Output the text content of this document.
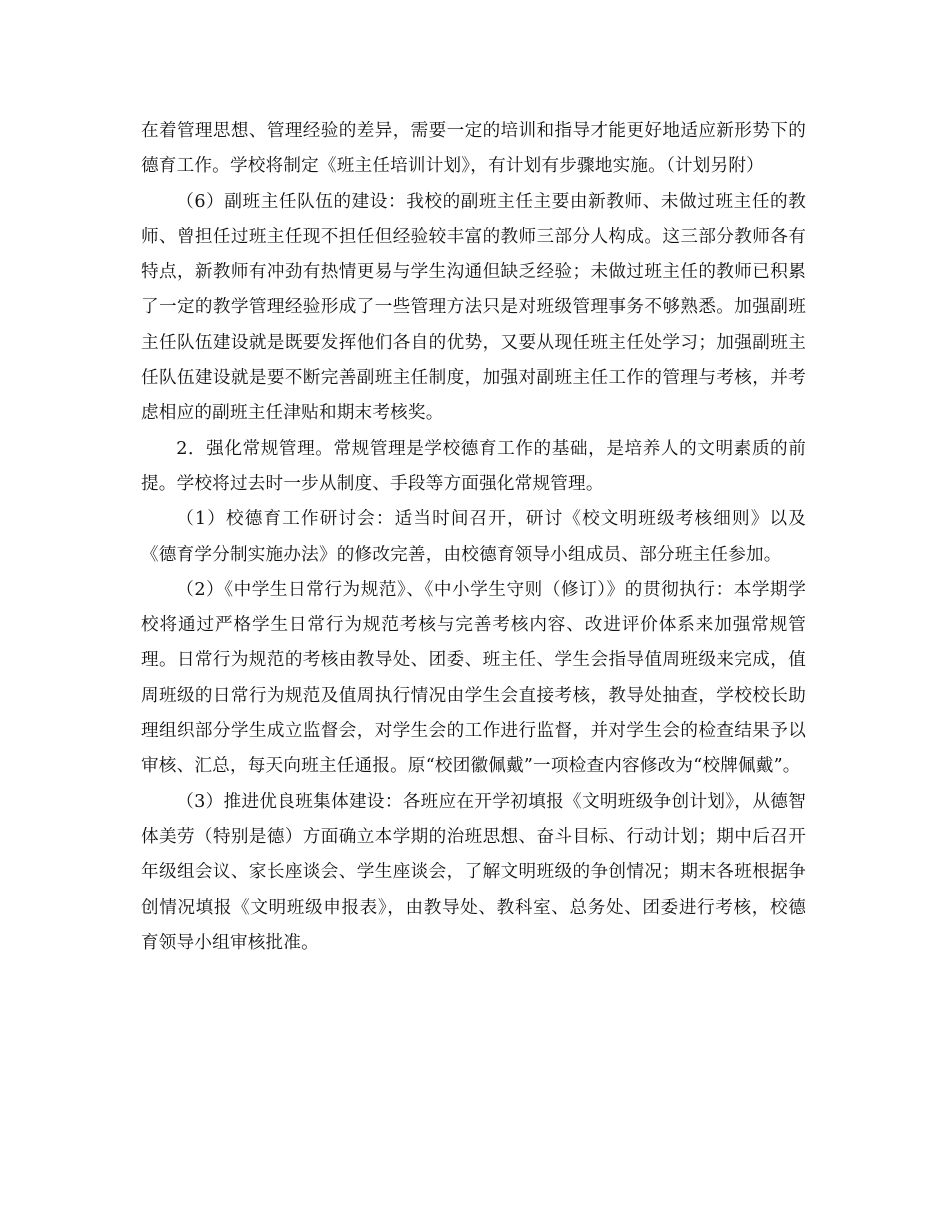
在着管理思想、管理经验的差异，需要一定的培训和指导才能更好地适应新形势下的德育工作。学校将制定《班主任培训计划》，有计划有步骤地实施。（计划另附）

（6）副班主任队伍的建设：我校的副班主任主要由新教师、未做过班主任的教师、曾担任过班主任现不担任但经验较丰富的教师三部分人构成。这三部分教师各有特点，新教师有冲劲有热情更易与学生沟通但缺乏经验；未做过班主任的教师已积累了一定的教学管理经验形成了一些管理方法只是对班级管理事务不够熟悉。加强副班主任队伍建设就是既要发挥他们各自的优势，又要从现任班主任处学习；加强副班主任队伍建设就是要不断完善副班主任制度，加强对副班主任工作的管理与考核，并考虑相应的副班主任津贴和期末考核奖。

2．强化常规管理。常规管理是学校德育工作的基础，是培养人的文明素质的前提。学校将过去时一步从制度、手段等方面强化常规管理。

（1）校德育工作研讨会：适当时间召开，研讨《校文明班级考核细则》以及《德育学分制实施办法》的修改完善，由校德育领导小组成员、部分班主任参加。

（2）《中学生日常行为规范》、《中小学生守则（修订）》的贯彻执行：本学期学校将通过严格学生日常行为规范考核与完善考核内容、改进评价体系来加强常规管理。日常行为规范的考核由教导处、团委、班主任、学生会指导值周班级来完成，值周班级的日常行为规范及值周执行情况由学生会直接考核，教导处抽查，学校校长助理组织部分学生成立监督会，对学生会的工作进行监督，并对学生会的检查结果予以审核、汇总，每天向班主任通报。原“校团徽佩戴”一项检查内容修改为“校牌佩戴”。

（3）推进优良班集体建设：各班应在开学初填报《文明班级争创计划》，从德智体美劳（特别是德）方面确立本学期的治班思想、奋斗目标、行动计划；期中后召开年级组会议、家长座谈会、学生座谈会，了解文明班级的争创情况；期末各班根据争创情况填报《文明班级申报表》，由教导处、教科室、总务处、团委进行考核，校德育领导小组审核批准。
